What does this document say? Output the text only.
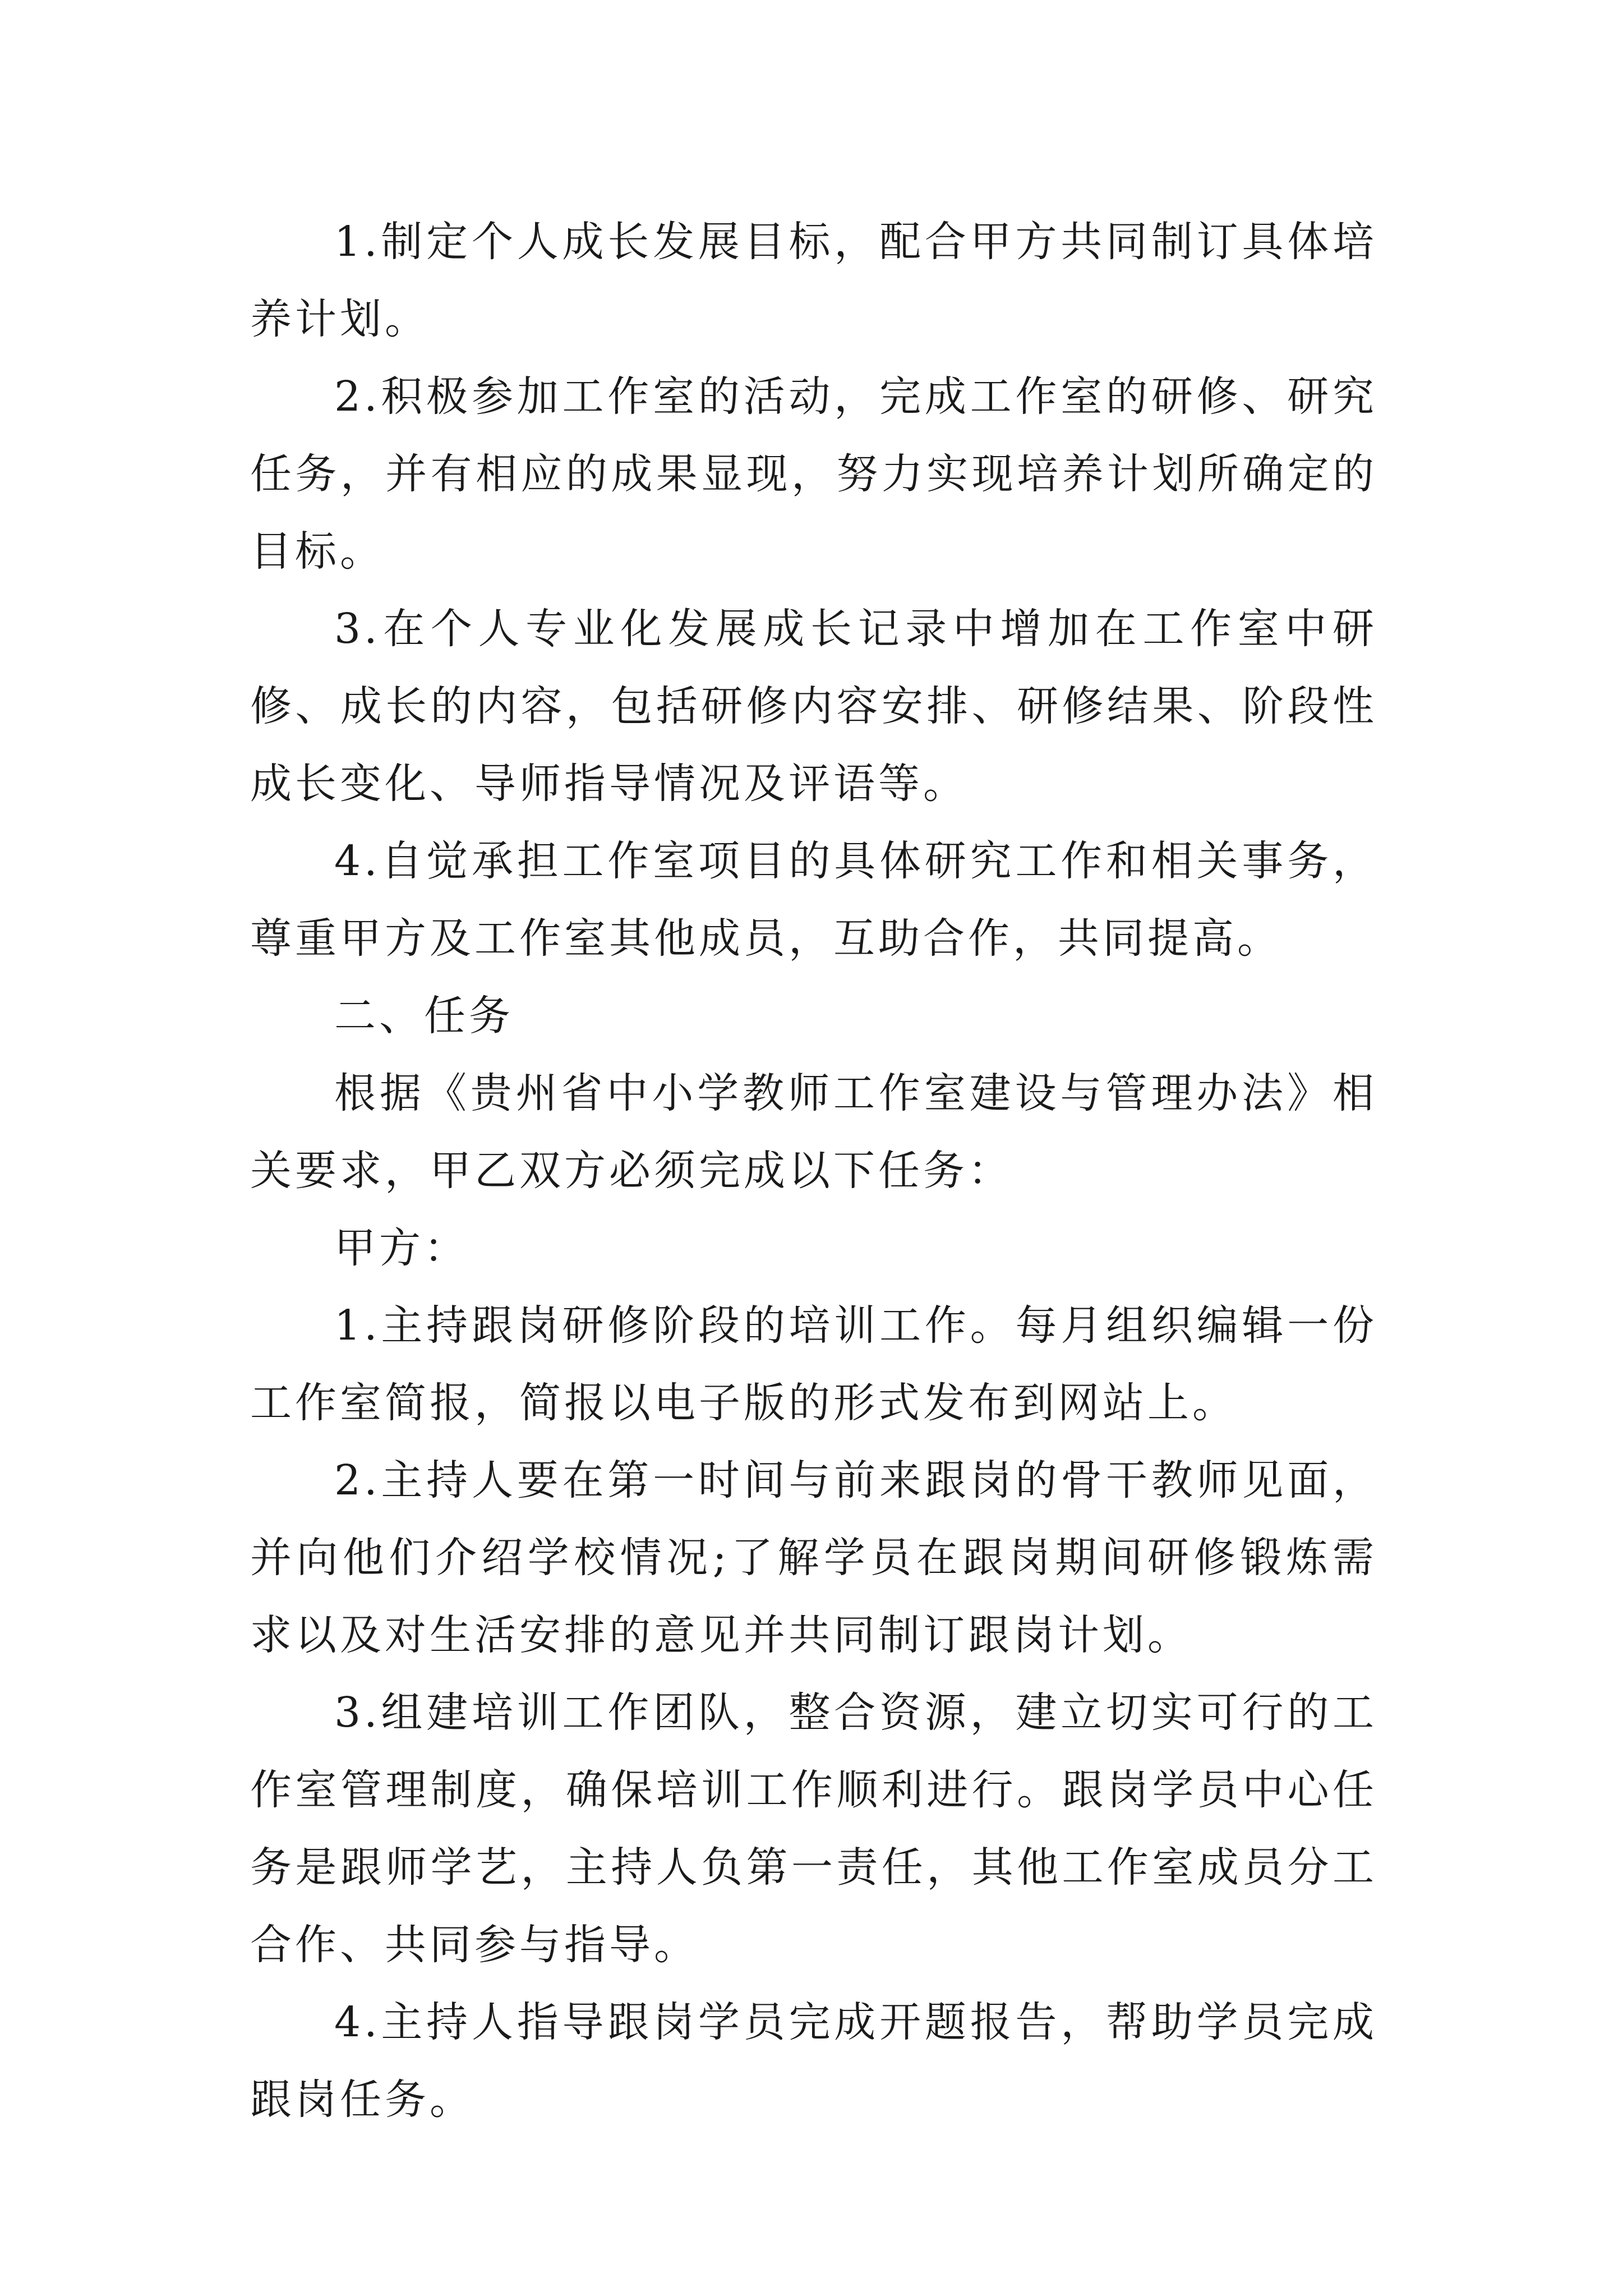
1.制定个人成长发展目标，配合甲方共同制订具体培养计划。

2.积极参加工作室的活动，完成工作室的研修、研究任务，并有相应的成果显现，努力实现培养计划所确定的目标。

3.在个人专业化发展成长记录中增加在工作室中研修、成长的内容，包括研修内容安排、研修结果、阶段性成长变化、导师指导情况及评语等。

4.自觉承担工作室项目的具体研究工作和相关事务，尊重甲方及工作室其他成员，互助合作，共同提高。

二、任务

根据《贵州省中小学教师工作室建设与管理办法》相关要求，甲乙双方必须完成以下任务：

甲方：

1.主持跟岗研修阶段的培训工作。每月组织编辑一份工作室简报，简报以电子版的形式发布到网站上。

2.主持人要在第一时间与前来跟岗的骨干教师见面，并向他们介绍学校情况;了解学员在跟岗期间研修锻炼需求以及对生活安排的意见并共同制订跟岗计划。

3.组建培训工作团队，整合资源，建立切实可行的工作室管理制度，确保培训工作顺利进行。跟岗学员中心任务是跟师学艺，主持人负第一责任，其他工作室成员分工合作、共同参与指导。

4.主持人指导跟岗学员完成开题报告，帮助学员完成跟岗任务。
